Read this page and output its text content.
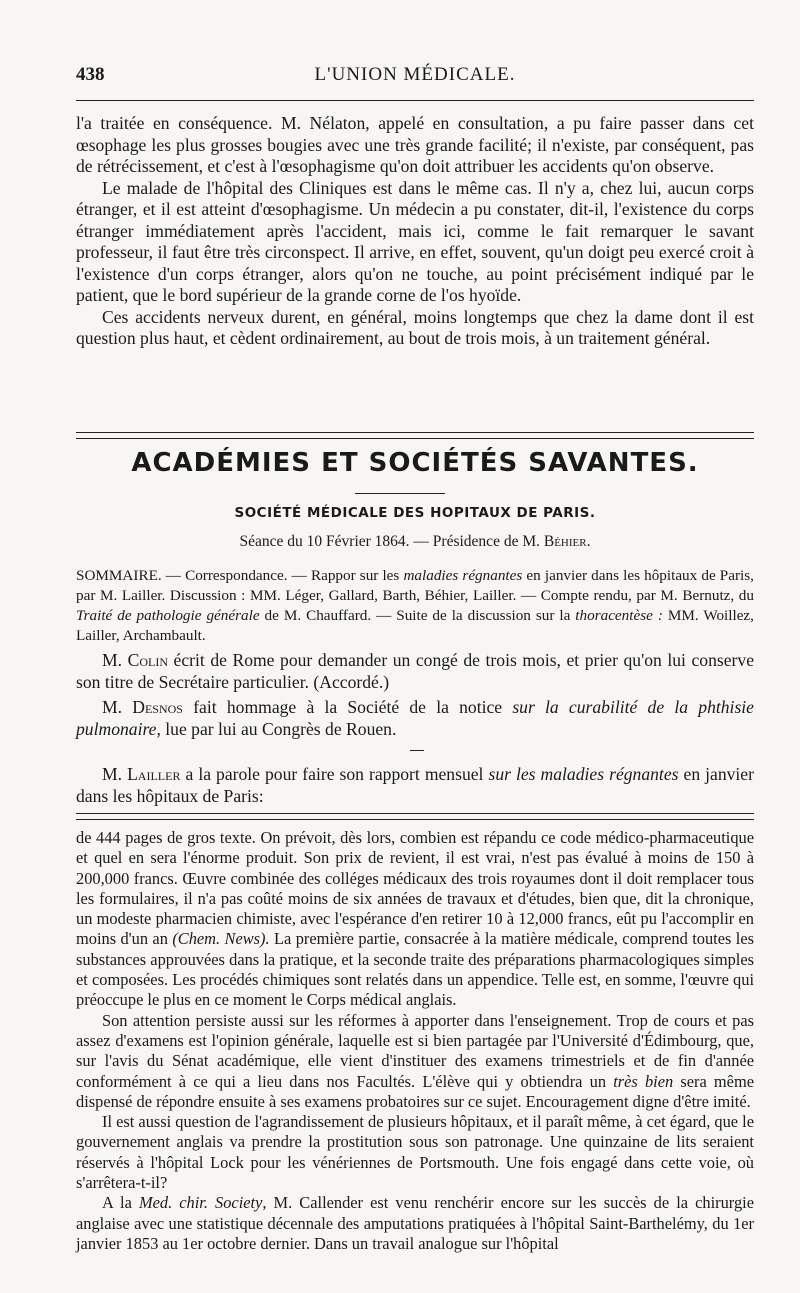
438	L'UNION MÉDICALE.

l'a traitée en conséquence. M. Nélaton, appelé en consultation, a pu faire passer dans cet œsophage les plus grosses bougies avec une très grande facilité; il n'existe, par conséquent, pas de rétrécissement, et c'est à l'œsophagisme qu'on doit attribuer les accidents qu'on observe.

Le malade de l'hôpital des Cliniques est dans le même cas. Il n'y a, chez lui, aucun corps étranger, et il est atteint d'œsophagisme. Un médecin a pu constater, dit-il, l'existence du corps étranger immédiatement après l'accident, mais ici, comme le fait remarquer le savant professeur, il faut être très circonspect. Il arrive, en effet, souvent, qu'un doigt peu exercé croit à l'existence d'un corps étranger, alors qu'on ne touche, au point précisément indiqué par le patient, que le bord supérieur de la grande corne de l'os hyoïde.

Ces accidents nerveux durent, en général, moins longtemps que chez la dame dont il est question plus haut, et cèdent ordinairement, au bout de trois mois, à un traitement général.

ACADÉMIES ET SOCIÉTÉS SAVANTES.
SOCIÉTÉ MÉDICALE DES HOPITAUX DE PARIS.
Séance du 10 Février 1864. — Présidence de M. Béhier.

SOMMAIRE. — Correspondance. — Rappor sur les maladies régnantes en janvier dans les hôpitaux de Paris, par M. Lailler. Discussion : MM. Léger, Gallard, Barth, Béhier, Lailler. — Compte rendu, par M. Bernutz, du Traité de pathologie générale de M. Chauffard. — Suite de la discussion sur la thoracentèse : MM. Woillez, Lailler, Archambault.

M. Colin écrit de Rome pour demander un congé de trois mois, et prier qu'on lui conserve son titre de Secrétaire particulier. (Accordé.)

M. Desnos fait hommage à la Société de la notice sur la curabilité de la phthisie pulmonaire, lue par lui au Congrès de Rouen.

M. Lailler a la parole pour faire son rapport mensuel sur les maladies régnantes en janvier dans les hôpitaux de Paris:

de 444 pages de gros texte. On prévoit, dès lors, combien est répandu ce code médico-pharmaceutique et quel en sera l'énorme produit. Son prix de revient, il est vrai, n'est pas évalué à moins de 150 à 200,000 francs. Œuvre combinée des colléges médicaux des trois royaumes dont il doit remplacer tous les formulaires, il n'a pas coûté moins de six années de travaux et d'études, bien que, dit la chronique, un modeste pharmacien chimiste, avec l'espérance d'en retirer 10 à 12,000 francs, eût pu l'accomplir en moins d'un an (Chem. News). La première partie, consacrée à la matière médicale, comprend toutes les substances approuvées dans la pratique, et la seconde traite des préparations pharmacologiques simples et composées. Les procédés chimiques sont relatés dans un appendice. Telle est, en somme, l'œuvre qui préoccupe le plus en ce moment le Corps médical anglais.

Son attention persiste aussi sur les réformes à apporter dans l'enseignement. Trop de cours et pas assez d'examens est l'opinion générale, laquelle est si bien partagée par l'Université d'Édimbourg, que, sur l'avis du Sénat académique, elle vient d'instituer des examens trimestriels et de fin d'année conformément à ce qui a lieu dans nos Facultés. L'élève qui y obtiendra un très bien sera même dispensé de répondre ensuite à ses examens probatoires sur ce sujet. Encouragement digne d'être imité.

Il est aussi question de l'agrandissement de plusieurs hôpitaux, et il paraît même, à cet égard, que le gouvernement anglais va prendre la prostitution sous son patronage. Une quinzaine de lits seraient réservés à l'hôpital Lock pour les vénériennes de Portsmouth. Une fois engagé dans cette voie, où s'arrêtera-t-il?

A la Med. chir. Society, M. Callender est venu renchérir encore sur les succès de la chirurgie anglaise avec une statistique décennale des amputations pratiquées à l'hôpital Saint-Barthelémy, du 1er janvier 1853 au 1er octobre dernier. Dans un travail analogue sur l'hôpital
